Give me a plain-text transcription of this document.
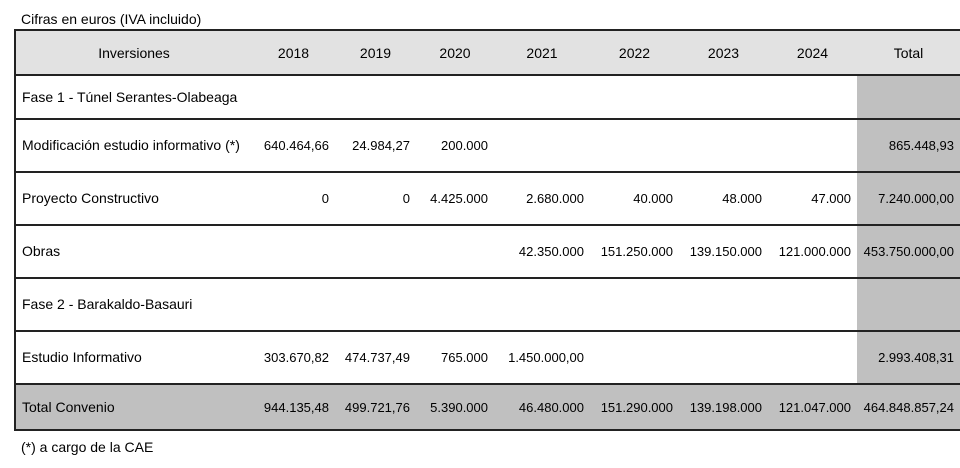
Cifras en euros (IVA incluido)
Inversiones	2018	2019	2020	2021	2022	2023	2024	Total
Fase 1 - Túnel Serantes-Olabeaga								
Modificación estudio informativo (*)	640.464,66	24.984,27	200.000					865.448,93
Proyecto Constructivo	0	0	4.425.000	2.680.000	40.000	48.000	47.000	7.240.000,00
Obras				42.350.000	151.250.000	139.150.000	121.000.000	453.750.000,00
Fase 2 - Barakaldo-Basauri								
Estudio Informativo	303.670,82	474.737,49	765.000	1.450.000,00				2.993.408,31
Total Convenio	944.135,48	499.721,76	5.390.000	46.480.000	151.290.000	139.198.000	121.047.000	464.848.857,24
(*) a cargo de la CAE
